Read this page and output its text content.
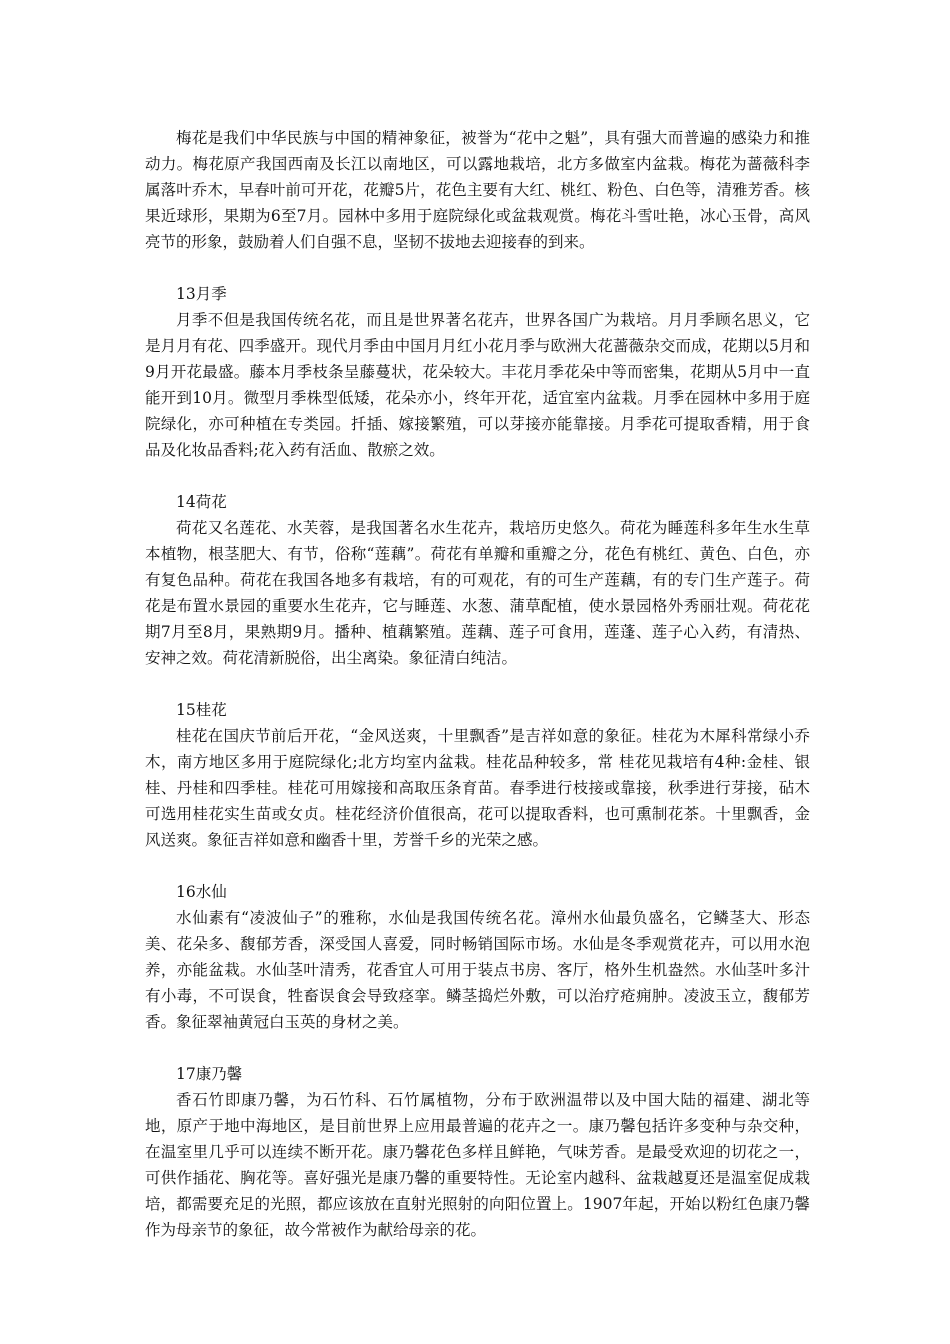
梅花是我们中华民族与中国的精神象征，被誉为“花中之魁”，具有强大而普遍的感染力和推动力。梅花原产我国西南及长江以南地区，可以露地栽培，北方多做室内盆栽。梅花为蔷薇科李属落叶乔木，早春叶前可开花，花瓣5片，花色主要有大红、桃红、粉色、白色等，清雅芳香。核果近球形，果期为6至7月。园林中多用于庭院绿化或盆栽观赏。梅花斗雪吐艳，冰心玉骨，高风亮节的形象，鼓励着人们自强不息，坚韧不拔地去迎接春的到来。

13月季

月季不但是我国传统名花，而且是世界著名花卉，世界各国广为栽培。月月季顾名思义，它是月月有花、四季盛开。现代月季由中国月月红小花月季与欧洲大花蔷薇杂交而成，花期以5月和9月开花最盛。藤本月季枝条呈藤蔓状，花朵较大。丰花月季花朵中等而密集，花期从5月中一直能开到10月。微型月季株型低矮，花朵亦小，终年开花，适宜室内盆栽。月季在园林中多用于庭院绿化，亦可种植在专类园。扦插、嫁接繁殖，可以芽接亦能靠接。月季花可提取香精，用于食品及化妆品香料;花入药有活血、散瘀之效。

14荷花

荷花又名莲花、水芙蓉，是我国著名水生花卉，栽培历史悠久。荷花为睡莲科多年生水生草本植物，根茎肥大、有节，俗称“莲藕”。荷花有单瓣和重瓣之分，花色有桃红、黄色、白色，亦有复色品种。荷花在我国各地多有栽培，有的可观花，有的可生产莲藕，有的专门生产莲子。荷花是布置水景园的重要水生花卉，它与睡莲、水葱、蒲草配植，使水景园格外秀丽壮观。荷花花期7月至8月，果熟期9月。播种、植藕繁殖。莲藕、莲子可食用，莲蓬、莲子心入药，有清热、安神之效。荷花清新脱俗，出尘离染。象征清白纯洁。

15桂花

桂花在国庆节前后开花，“金风送爽，十里飘香”是吉祥如意的象征。桂花为木犀科常绿小乔木，南方地区多用于庭院绿化;北方均室内盆栽。桂花品种较多，常 桂花见栽培有4种:金桂、银桂、丹桂和四季桂。桂花可用嫁接和高取压条育苗。春季进行枝接或靠接，秋季进行芽接，砧木可选用桂花实生苗或女贞。桂花经济价值很高，花可以提取香料，也可熏制花茶。十里飘香，金风送爽。象征吉祥如意和幽香十里，芳誉千乡的光荣之感。

16水仙

水仙素有“凌波仙子”的雅称，水仙是我国传统名花。漳州水仙最负盛名，它鳞茎大、形态美、花朵多、馥郁芳香，深受国人喜爱，同时畅销国际市场。水仙是冬季观赏花卉，可以用水泡养，亦能盆栽。水仙茎叶清秀，花香宜人可用于装点书房、客厅，格外生机盎然。水仙茎叶多汁有小毒，不可误食，牲畜误食会导致痉挛。鳞茎捣烂外敷，可以治疗疮痈肿。凌波玉立，馥郁芳香。象征翠袖黄冠白玉英的身材之美。

17康乃馨

香石竹即康乃馨，为石竹科、石竹属植物，分布于欧洲温带以及中国大陆的福建、湖北等地，原产于地中海地区，是目前世界上应用最普遍的花卉之一。康乃馨包括许多变种与杂交种，在温室里几乎可以连续不断开花。康乃馨花色多样且鲜艳，气味芳香。是最受欢迎的切花之一，可供作插花、胸花等。喜好强光是康乃馨的重要特性。无论室内越科、盆栽越夏还是温室促成栽培，都需要充足的光照，都应该放在直射光照射的向阳位置上。1907年起，开始以粉红色康乃馨作为母亲节的象征，故今常被作为献给母亲的花。
